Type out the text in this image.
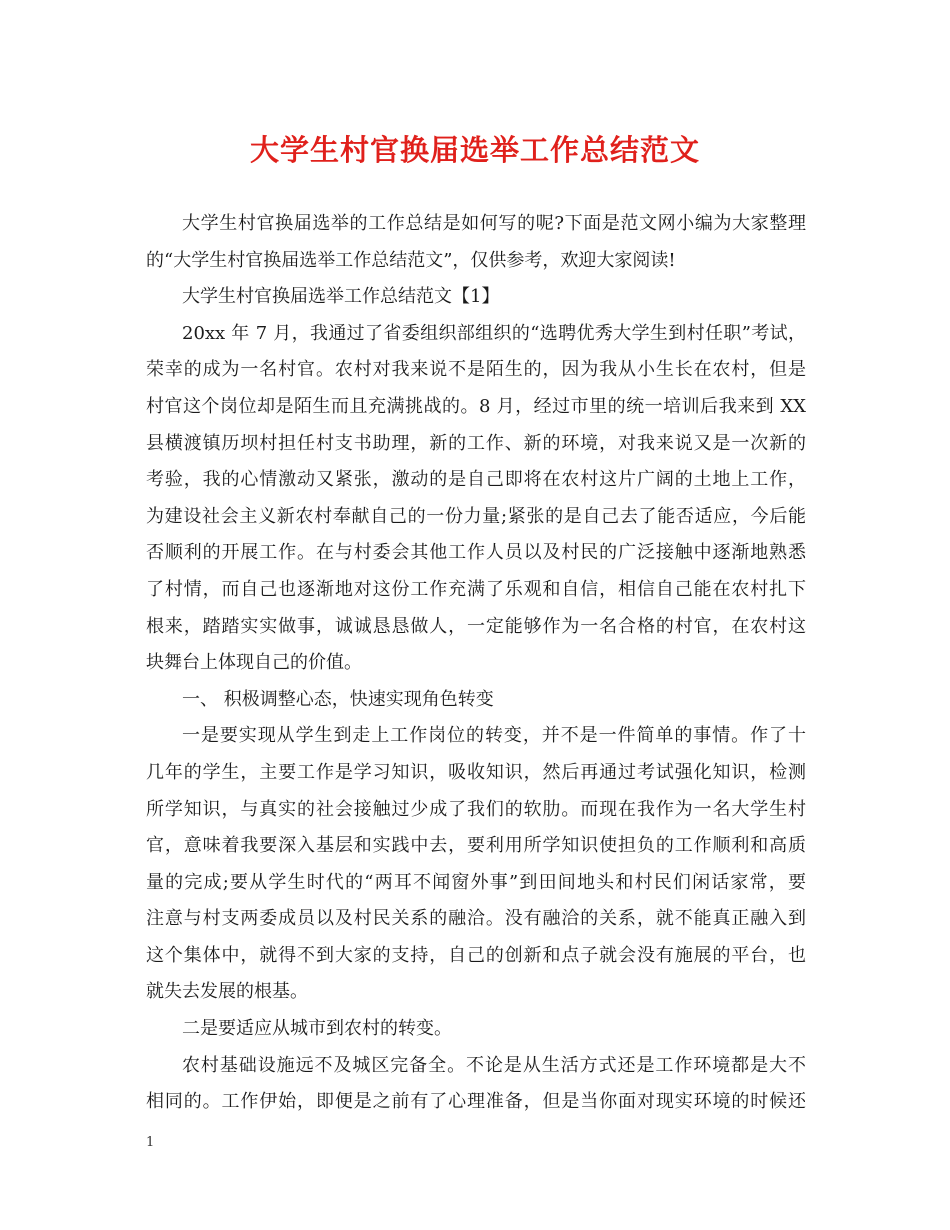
大学生村官换届选举工作总结范文
大学生村官换届选举的工作总结是如何写的呢?下面是范文网小编为大家整理
的“大学生村官换届选举工作总结范文”，仅供参考，欢迎大家阅读!
大学生村官换届选举工作总结范文【1】
20xx 年 7 月，我通过了省委组织部组织的“选聘优秀大学生到村任职”考试，
荣幸的成为一名村官。农村对我来说不是陌生的，因为我从小生长在农村，但是
村官这个岗位却是陌生而且充满挑战的。8 月，经过市里的统一培训后我来到 XX
县横渡镇历坝村担任村支书助理，新的工作、新的环境，对我来说又是一次新的
考验，我的心情激动又紧张，激动的是自己即将在农村这片广阔的土地上工作，
为建设社会主义新农村奉献自己的一份力量;紧张的是自己去了能否适应，今后能
否顺利的开展工作。在与村委会其他工作人员以及村民的广泛接触中逐渐地熟悉
了村情，而自己也逐渐地对这份工作充满了乐观和自信，相信自己能在农村扎下
根来，踏踏实实做事，诚诚恳恳做人，一定能够作为一名合格的村官，在农村这
块舞台上体现自己的价值。
一、 积极调整心态，快速实现角色转变
一是要实现从学生到走上工作岗位的转变，并不是一件简单的事情。作了十
几年的学生，主要工作是学习知识，吸收知识，然后再通过考试强化知识，检测
所学知识，与真实的社会接触过少成了我们的软肋。而现在我作为一名大学生村
官，意味着我要深入基层和实践中去，要利用所学知识使担负的工作顺利和高质
量的完成;要从学生时代的“两耳不闻窗外事”到田间地头和村民们闲话家常，要
注意与村支两委成员以及村民关系的融洽。没有融洽的关系，就不能真正融入到
这个集体中，就得不到大家的支持，自己的创新和点子就会没有施展的平台，也
就失去发展的根基。
二是要适应从城市到农村的转变。
农村基础设施远不及城区完备全。不论是从生活方式还是工作环境都是大不
相同的。工作伊始，即便是之前有了心理准备，但是当你面对现实环境的时候还
1
